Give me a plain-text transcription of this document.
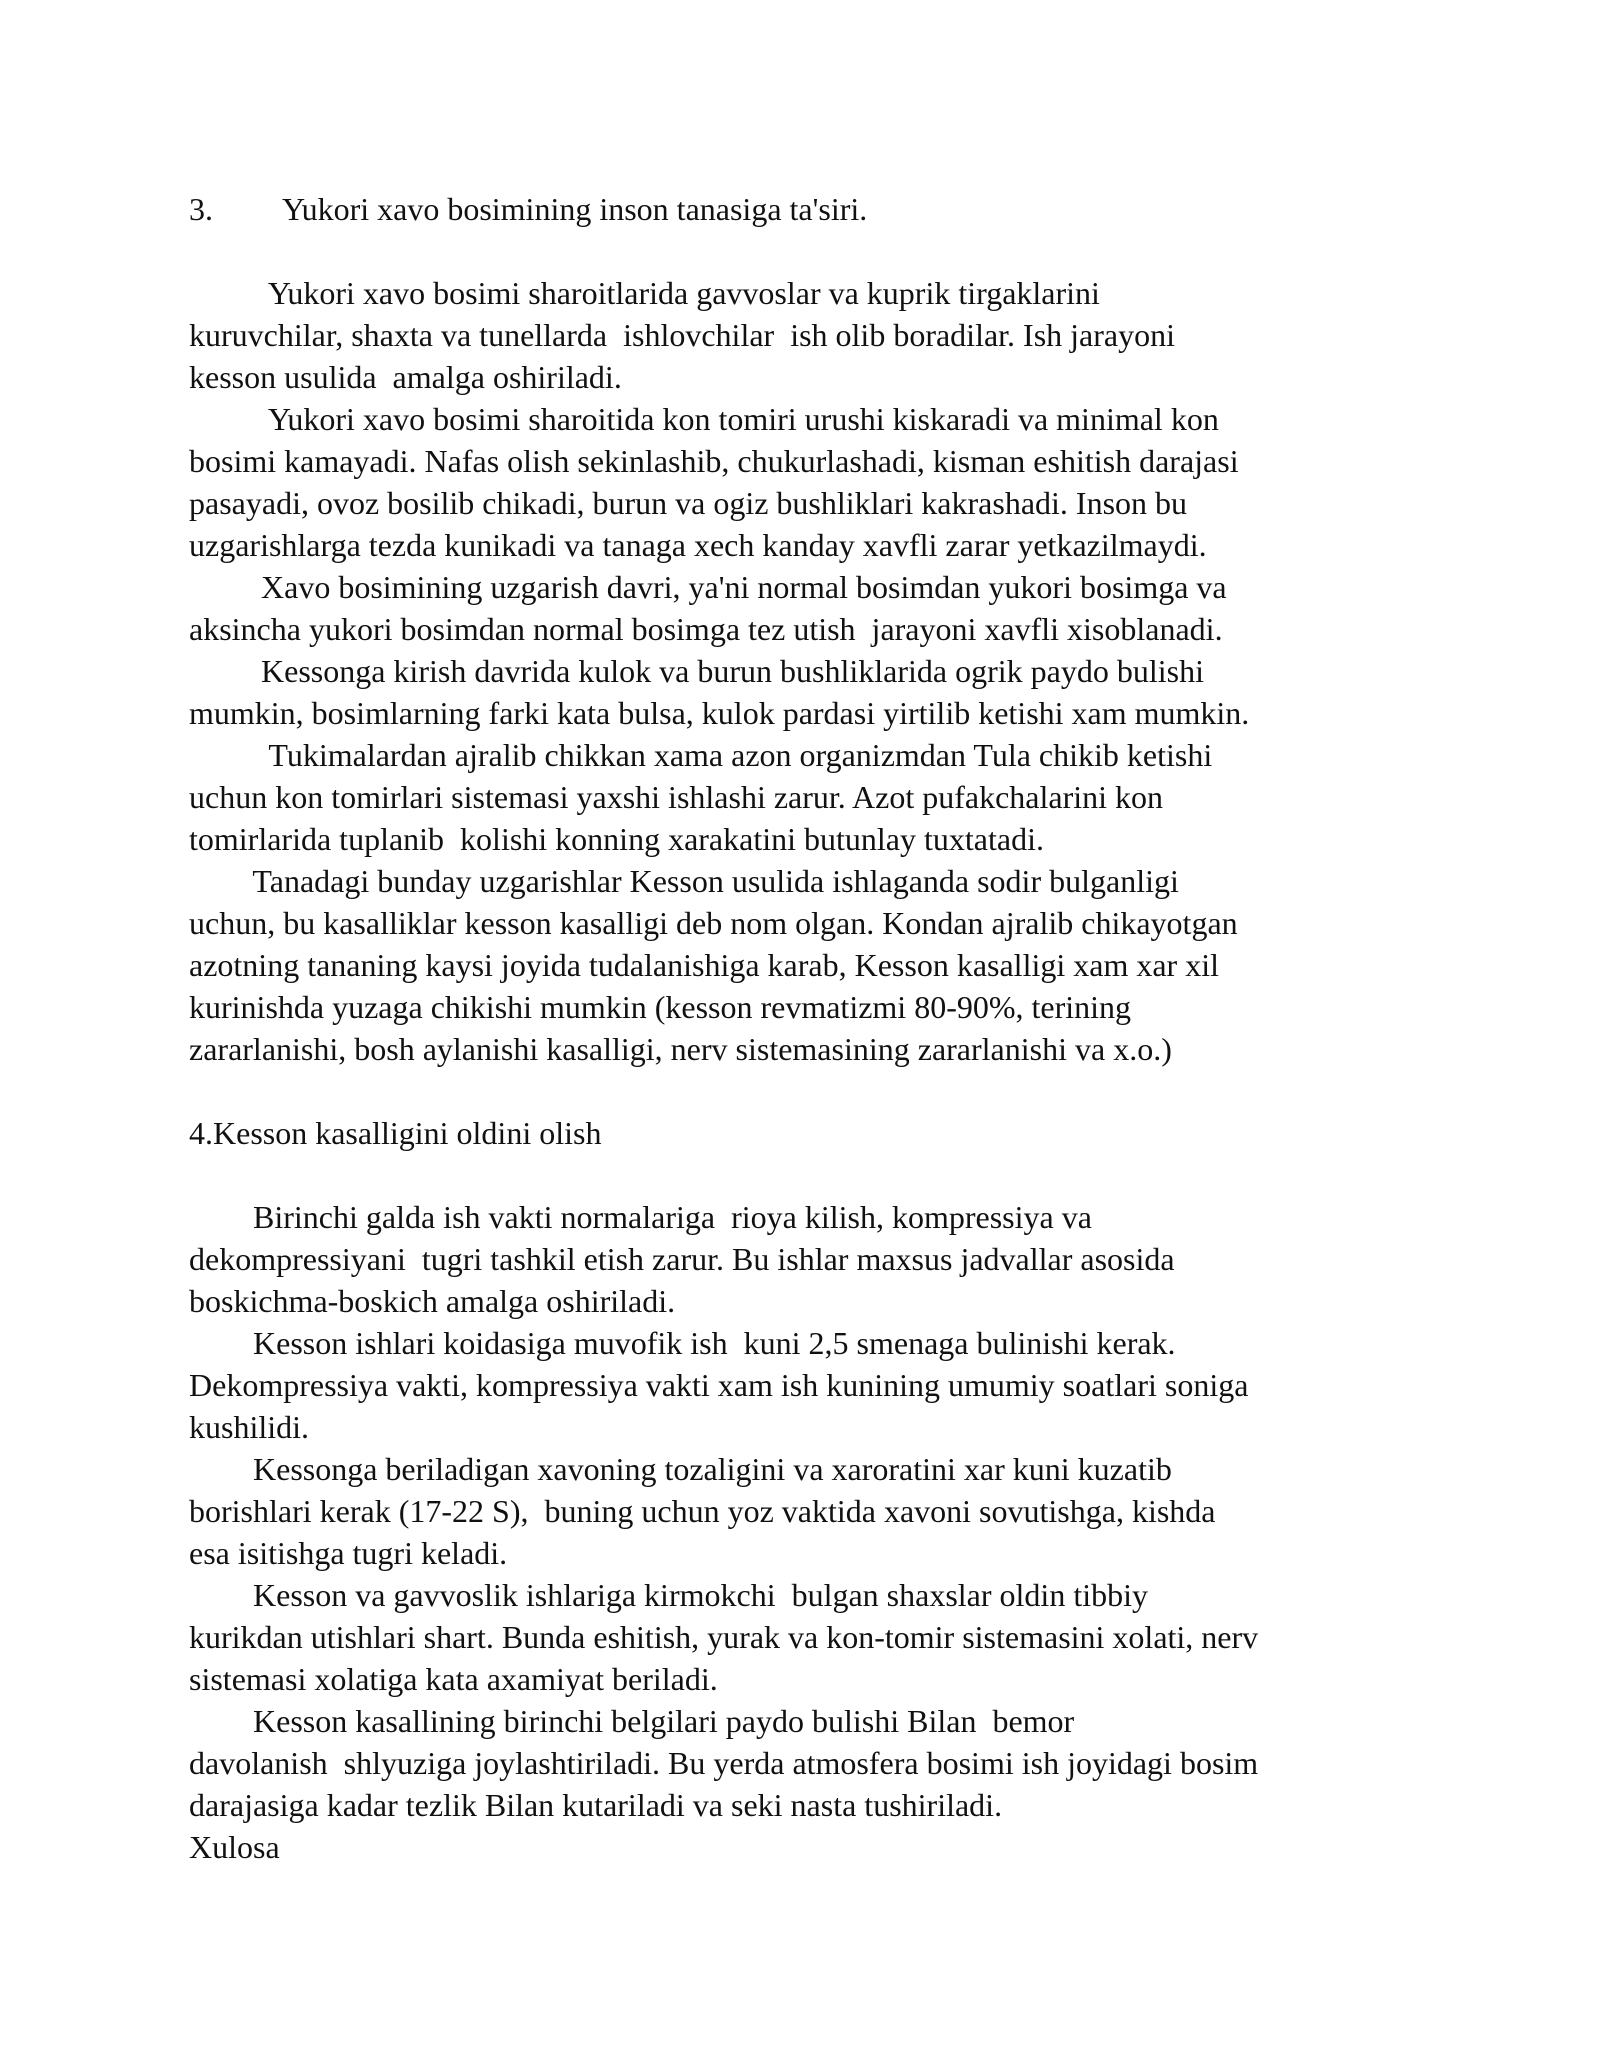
3. Yukori xavo bosimining inson tanasiga ta'siri.
Yukori xavo bosimi sharoitlarida gavvoslar va kuprik tirgaklarini
kuruvchilar, shaxta va tunellarda  ishlovchilar  ish olib boradilar. Ish jarayoni
kesson usulida  amalga oshiriladi.
Yukori xavo bosimi sharoitida kon tomiri urushi kiskaradi va minimal kon
bosimi kamayadi. Nafas olish sekinlashib, chukurlashadi, kisman eshitish darajasi
pasayadi, ovoz bosilib chikadi, burun va ogiz bushliklari kakrashadi. Inson bu
uzgarishlarga tezda kunikadi va tanaga xech kanday xavfli zarar yetkazilmaydi.
Xavo bosimining uzgarish davri, ya'ni normal bosimdan yukori bosimga va
aksincha yukori bosimdan normal bosimga tez utish  jarayoni xavfli xisoblanadi.
Kessonga kirish davrida kulok va burun bushliklarida ogrik paydo bulishi
mumkin, bosimlarning farki kata bulsa, kulok pardasi yirtilib ketishi xam mumkin.
Tukimalardan ajralib chikkan xama azon organizmdan Tula chikib ketishi
uchun kon tomirlari sistemasi yaxshi ishlashi zarur. Azot pufakchalarini kon
tomirlarida tuplanib  kolishi konning xarakatini butunlay tuxtatadi.
Tanadagi bunday uzgarishlar Kesson usulida ishlaganda sodir bulganligi
uchun, bu kasalliklar kesson kasalligi deb nom olgan. Kondan ajralib chikayotgan
azotning tananing kaysi joyida tudalanishiga karab, Kesson kasalligi xam xar xil
kurinishda yuzaga chikishi mumkin (kesson revmatizmi 80-90%, terining
zararlanishi, bosh aylanishi kasalligi, nerv sistemasining zararlanishi va x.o.)
4.Kesson kasalligini oldini olish
Birinchi galda ish vakti normalariga  rioya kilish, kompressiya va
dekompressiyani  tugri tashkil etish zarur. Bu ishlar maxsus jadvallar asosida
boskichma-boskich amalga oshiriladi.
Kesson ishlari koidasiga muvofik ish  kuni 2,5 smenaga bulinishi kerak.
Dekompressiya vakti, kompressiya vakti xam ish kunining umumiy soatlari soniga
kushilidi.
Kessonga beriladigan xavoning tozaligini va xaroratini xar kuni kuzatib
borishlari kerak (17-22 S),  buning uchun yoz vaktida xavoni sovutishga, kishda
esa isitishga tugri keladi.
Kesson va gavvoslik ishlariga kirmokchi  bulgan shaxslar oldin tibbiy
kurikdan utishlari shart. Bunda eshitish, yurak va kon-tomir sistemasini xolati, nerv
sistemasi xolatiga kata axamiyat beriladi.
Kesson kasallining birinchi belgilari paydo bulishi Bilan  bemor
davolanish  shlyuziga joylashtiriladi. Bu yerda atmosfera bosimi ish joyidagi bosim
darajasiga kadar tezlik Bilan kutariladi va seki nasta tushiriladi.
Xulosa
